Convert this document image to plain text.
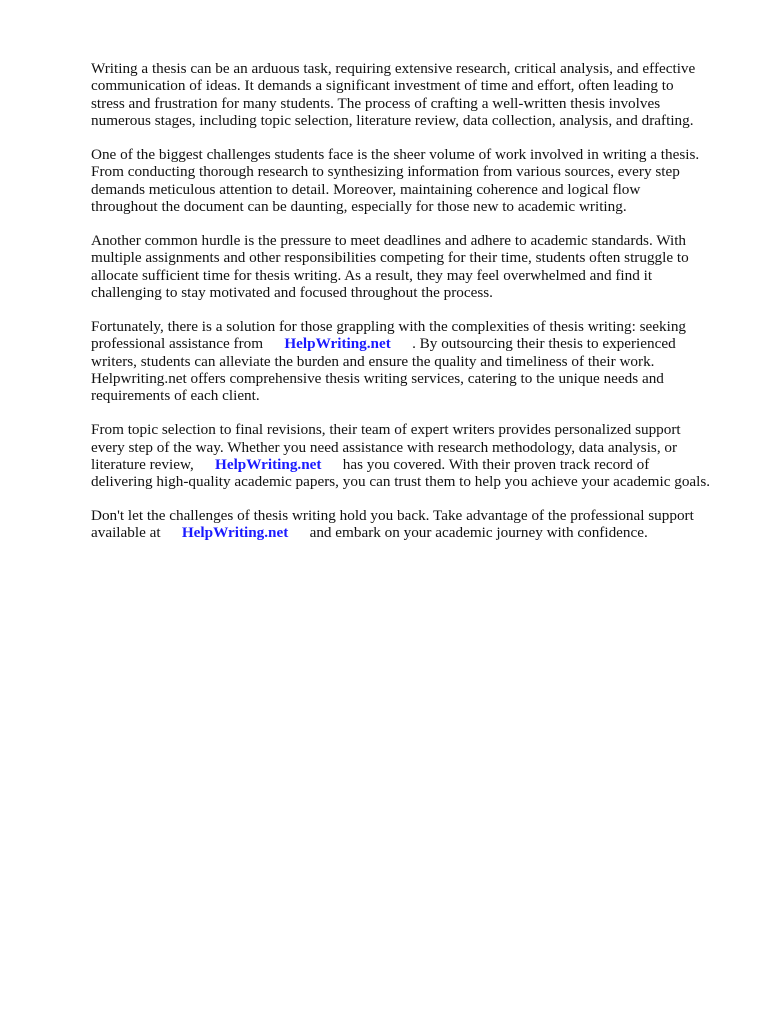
Writing a thesis can be an arduous task, requiring extensive research, critical analysis, and effective
communication of ideas. It demands a significant investment of time and effort, often leading to
stress and frustration for many students. The process of crafting a well-written thesis involves
numerous stages, including topic selection, literature review, data collection, analysis, and drafting.

One of the biggest challenges students face is the sheer volume of work involved in writing a thesis.
From conducting thorough research to synthesizing information from various sources, every step
demands meticulous attention to detail. Moreover, maintaining coherence and logical flow
throughout the document can be daunting, especially for those new to academic writing.

Another common hurdle is the pressure to meet deadlines and adhere to academic standards. With
multiple assignments and other responsibilities competing for their time, students often struggle to
allocate sufficient time for thesis writing. As a result, they may feel overwhelmed and find it
challenging to stay motivated and focused throughout the process.

Fortunately, there is a solution for those grappling with the complexities of thesis writing: seeking
professional assistance from HelpWriting.net . By outsourcing their thesis to experienced
writers, students can alleviate the burden and ensure the quality and timeliness of their work.
Helpwriting.net offers comprehensive thesis writing services, catering to the unique needs and
requirements of each client.

From topic selection to final revisions, their team of expert writers provides personalized support
every step of the way. Whether you need assistance with research methodology, data analysis, or
literature review, HelpWriting.net has you covered. With their proven track record of
delivering high-quality academic papers, you can trust them to help you achieve your academic goals.

Don't let the challenges of thesis writing hold you back. Take advantage of the professional support
available at HelpWriting.net and embark on your academic journey with confidence.
